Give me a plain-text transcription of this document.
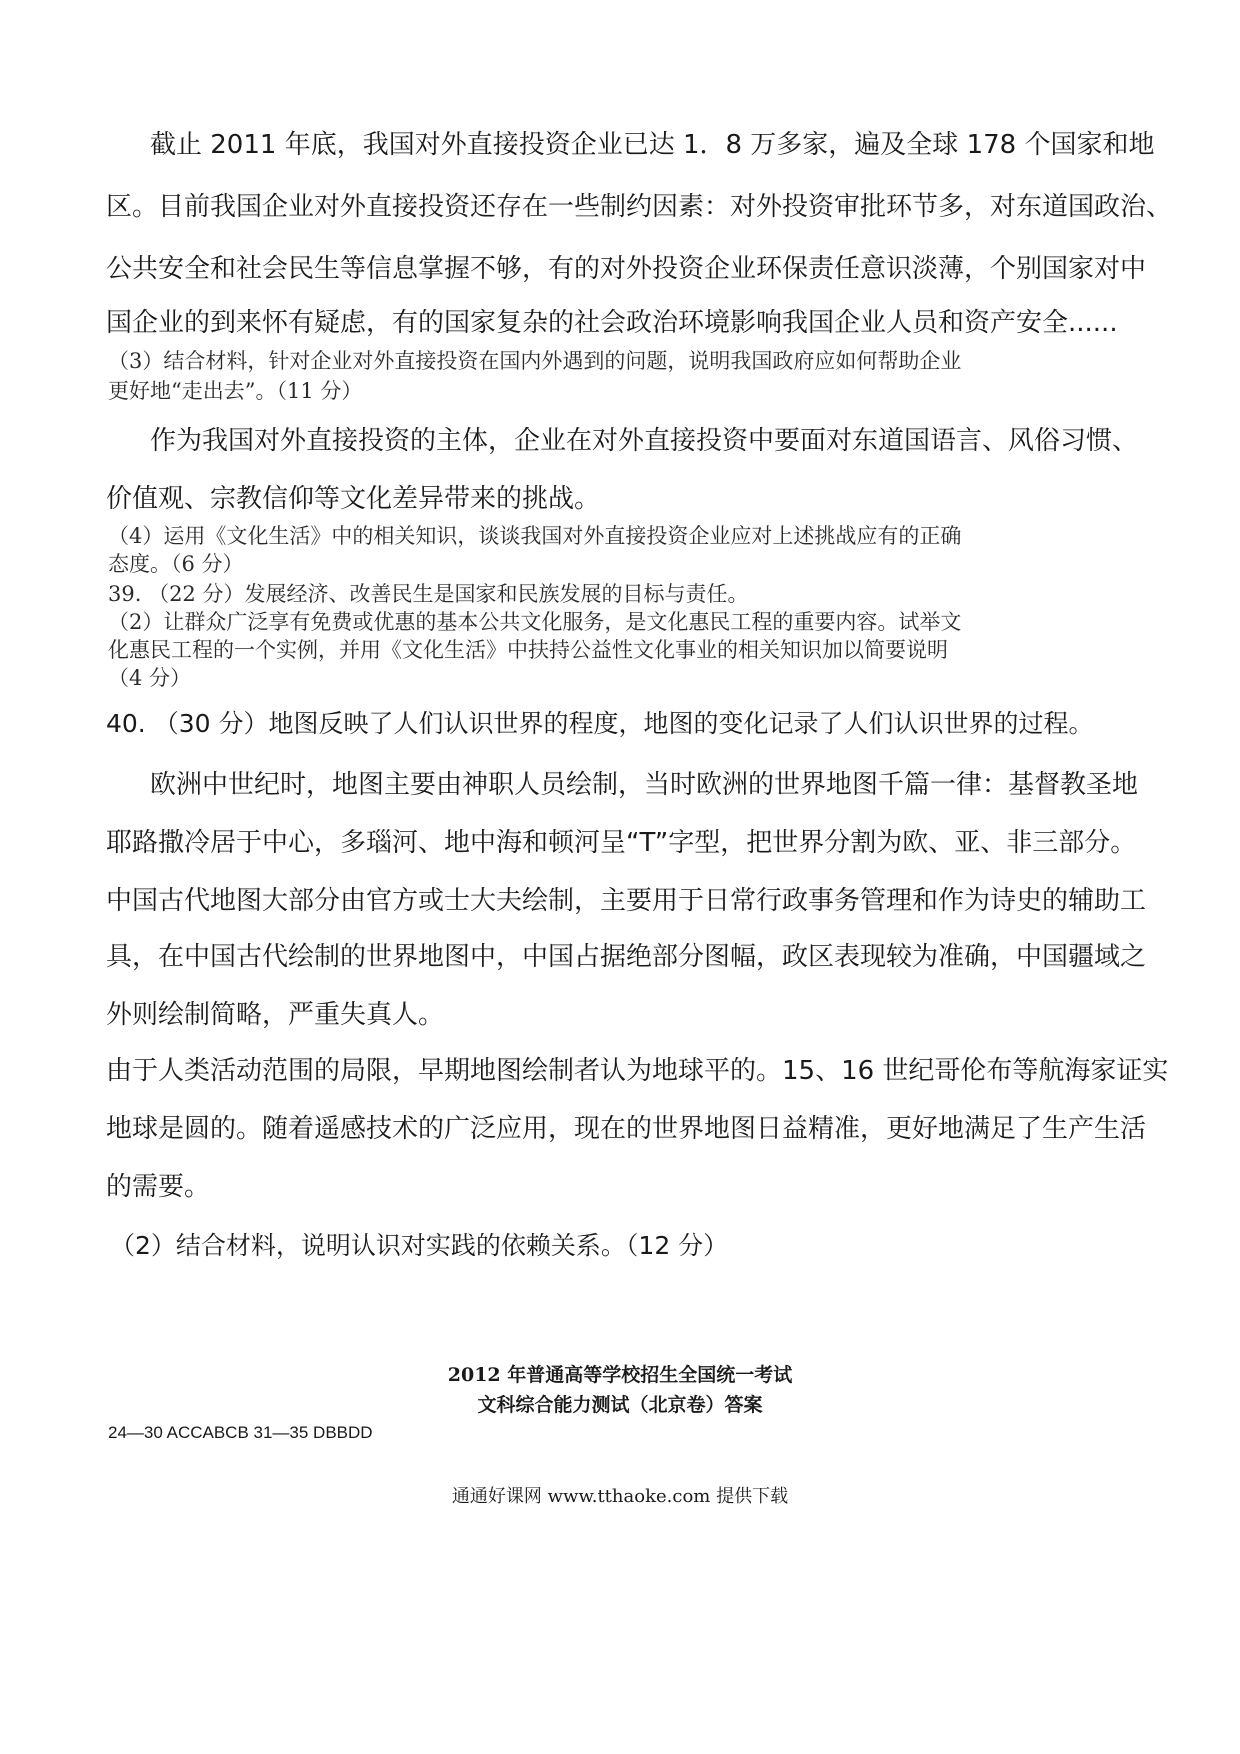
截止 2011 年底，我国对外直接投资企业已达 1．8 万多家，遍及全球 178 个国家和地
区。目前我国企业对外直接投资还存在一些制约因素：对外投资审批环节多，对东道国政治、
公共安全和社会民生等信息掌握不够，有的对外投资企业环保责任意识淡薄，个别国家对中
国企业的到来怀有疑虑，有的国家复杂的社会政治环境影响我国企业人员和资产安全......
（3）结合材料，针对企业对外直接投资在国内外遇到的问题，说明我国政府应如何帮助企业
更好地“走出去”。（11 分）
作为我国对外直接投资的主体，企业在对外直接投资中要面对东道国语言、风俗习惯、
价值观、宗教信仰等文化差异带来的挑战。
（4）运用《文化生活》中的相关知识，谈谈我国对外直接投资企业应对上述挑战应有的正确
态度。（6 分）
39. （22 分）发展经济、改善民生是国家和民族发展的目标与责任。
（2）让群众广泛享有免费或优惠的基本公共文化服务，是文化惠民工程的重要内容。试举文
化惠民工程的一个实例，并用《文化生活》中扶持公益性文化事业的相关知识加以简要说明
（4 分）
40. （30 分）地图反映了人们认识世界的程度，地图的变化记录了人们认识世界的过程。
欧洲中世纪时，地图主要由神职人员绘制，当时欧洲的世界地图千篇一律：基督教圣地
耶路撒冷居于中心，多瑙河、地中海和顿河呈“T”字型，把世界分割为欧、亚、非三部分。
中国古代地图大部分由官方或士大夫绘制，主要用于日常行政事务管理和作为诗史的辅助工
具，在中国古代绘制的世界地图中，中国占据绝部分图幅，政区表现较为准确，中国疆域之
外则绘制简略，严重失真人。
由于人类活动范围的局限，早期地图绘制者认为地球平的。15、16 世纪哥伦布等航海家证实
地球是圆的。随着遥感技术的广泛应用，现在的世界地图日益精准，更好地满足了生产生活
的需要。
（2）结合材料，说明认识对实践的依赖关系。（12 分）
2012 年普通高等学校招生全国统一考试
文科综合能力测试（北京卷）答案
24—30 ACCABCB 31—35 DBBDD
通通好课网 www.tthaoke.com 提供下载
